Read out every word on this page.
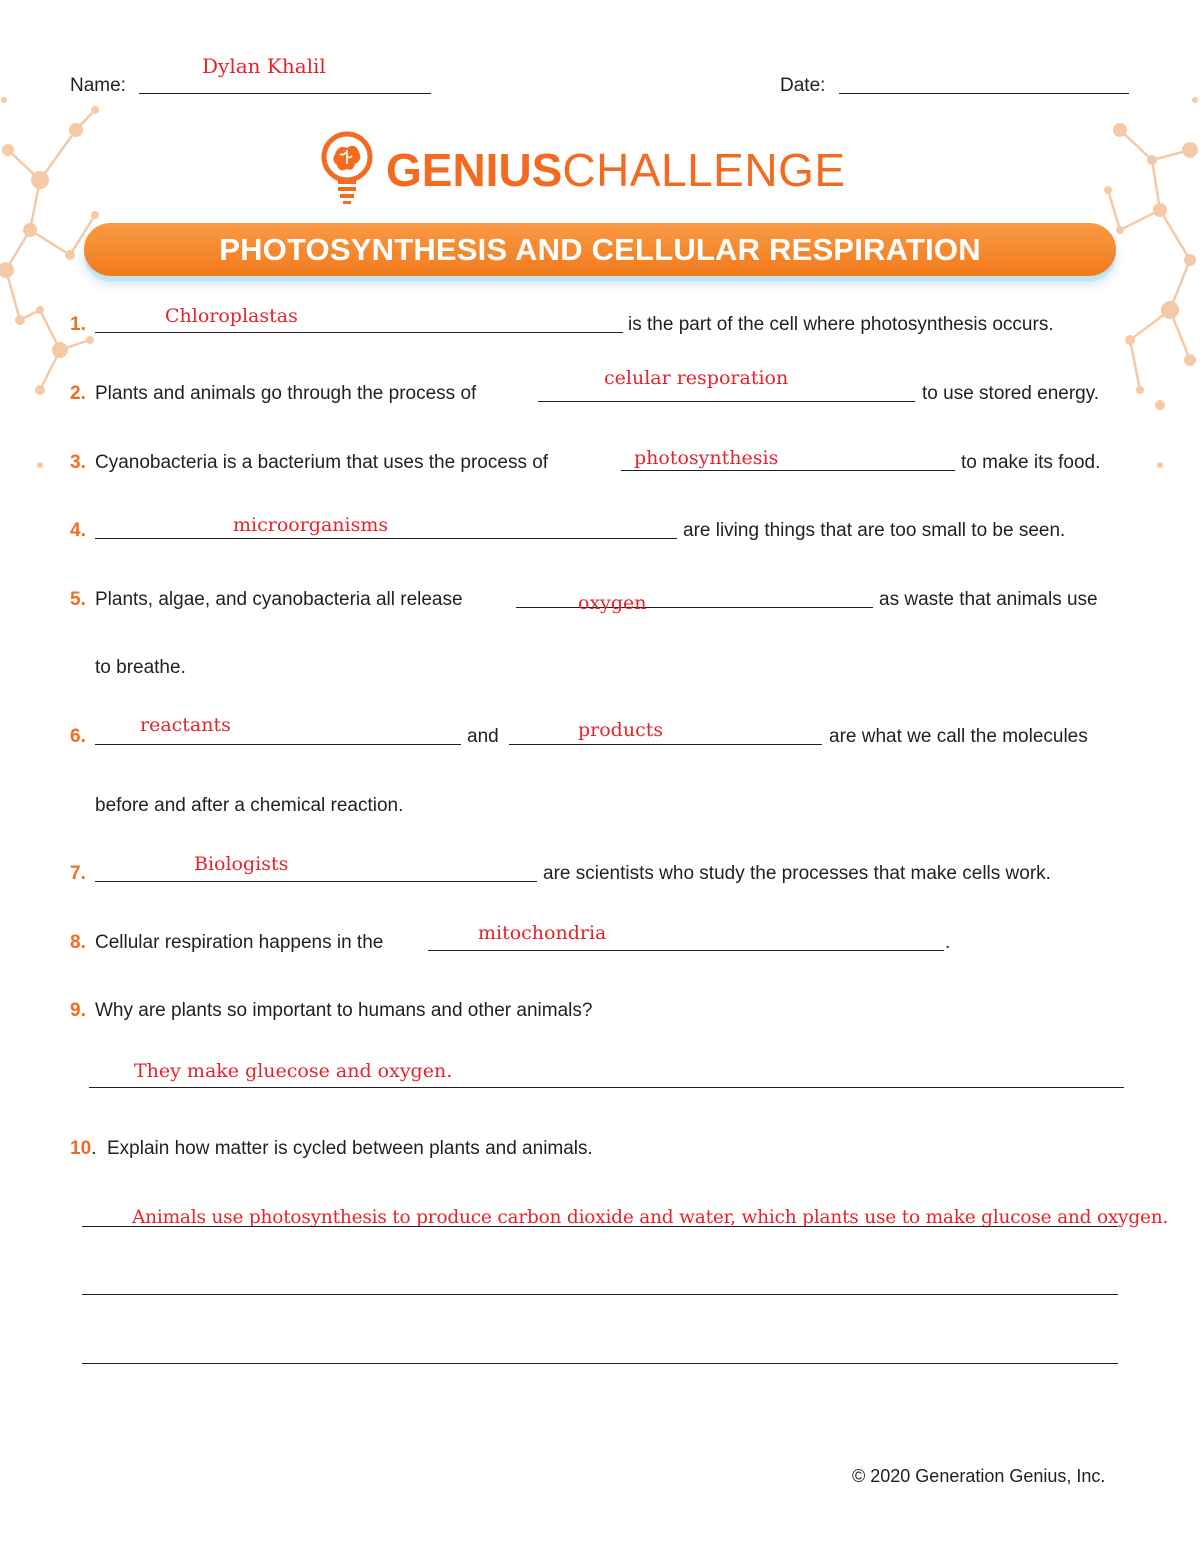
Name:
Dylan Khalil
Date:
GENIUSCHALLENGE
PHOTOSYNTHESIS AND CELLULAR RESPIRATION
1.	Chloroplastas	is the part of the cell where photosynthesis occurs.
2. Plants and animals go through the process of
celular resporation
to use stored energy.
3. Cyanobacteria is a bacterium that uses the process of	photosynthesis	to make its food.
4.	microorganisms	are living things that are too small to be seen.
5. Plants, algae, and cyanobacteria all release	oxygen	as waste that animals use
to breathe.
6.
reactants
and	products	are what we call the molecules
before and after a chemical reaction.
7.	Biologists	are scientists who study the processes that make cells work.
8. Cellular respiration happens in the	mitochondria	.
9. Why are plants so important to humans and other animals?
They make gluecose and oxygen.
10. Explain how matter is cycled between plants and animals.
Animals use photosynthesis to produce carbon dioxide and water, which plants use to make glucose and oxygen.
© 2020 Generation Genius, Inc.
